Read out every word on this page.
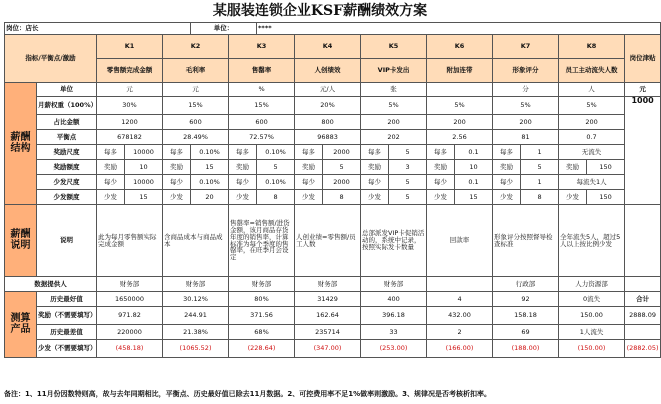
某服装连锁企业KSF薪酬绩效方案
岗位：店长					单位：		****											
指标/平衡点/激励		K1		K2		K3		K4		K5		K6		K7		K8		岗位津贴
		零售额完成金额		毛利率		售罄率		人创绩效		VIP卡发出		附加连带		形象评分		员工主动流失人数		
薪酬结构	单位	元		元		%		元/人		张				分		人		元
	月薪权重（100%）	30%		15%		15%		20%		5%		5%		5%		5%		1000
	占比金额	1200		600		600		800		200		200		200		200		
	平衡点	678182		28.49%		72.57%		96883		202		2.56		81		0.7		
	奖励尺度	每多	10000	每多	0.10%	每多	0.10%	每多	2000	每多	5	每多	0.1	每多	1	无流失		
	奖励额度	奖励	10	奖励	15	奖励	5	奖励	5	奖励	3	奖励	10	奖励	5	奖励	150	
	少发尺度	每少	10000	每少	0.10%	每少	0.10%	每少	2000	每少	5	每少	0.1	每少	1	每流失1人		
	少发额度	少发	15	少发	20	少发	8	少发	8	少发	5	少发	15	少发	8	少发	150	
薪酬说明	说明	此为每月零售额实际完成金额		含商品成本与商品成本		售罄率=销售额/进货金额，该月商品存货年度的销售率，计算标准为每个季度的售罄率，在旺季月会设定		人创业绩=零售额/员工人数		总部派发VIP卡促销活动的，系统中记录，按照实际发卡数量		回款率		形象评分按照督导检查标准		全年流失5人，超过5人以上按比例少发		
数据提供人		财务部		财务部		财务部		财务部		财务部				行政部		人力资源部		
测算产品	历史最好值	1650000		30.12%		80%		31429		400		4		92		0流失		合计
	奖励（不需要填写）	971.82		244.91		371.56		162.64		396.18		432.00		158.18		150.00		2888.09
	历史最差值	220000		21.38%		68%		235714		33		2		69		1人流失		
	少发（不需要填写）	(458.18)		(1065.52)		(228.64)		(347.00)		(253.00)		(166.00)		(188.00)		(150.00)		(2882.05)
备注：1、11月份因数特则高，故与去年同期相比，平衡点、历史最好值已除去11月数据。2、可控费用率不足1%做率则激励。3、规律况是否考核析扣率。
